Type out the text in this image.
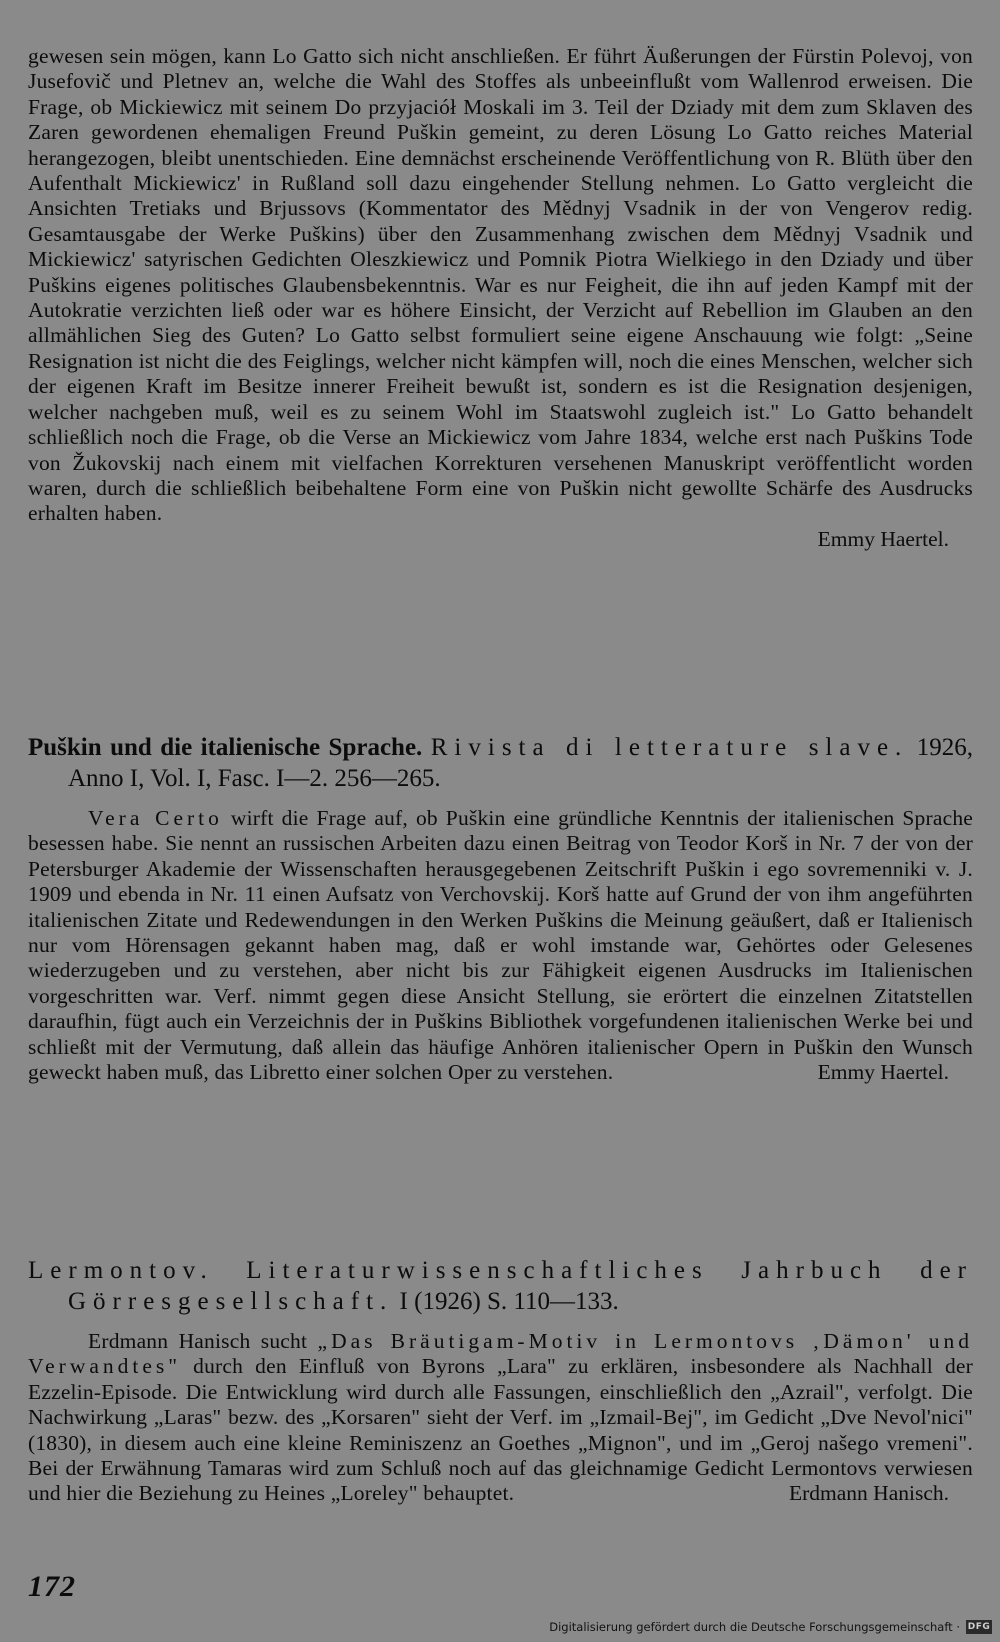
gewesen sein mögen, kann Lo Gatto sich nicht anschließen. Er führt Äußerungen der Fürstin Polevoj, von Jusefovič und Pletnev an, welche die Wahl des Stoffes als unbeeinflußt vom Wallenrod erweisen. Die Frage, ob Mickiewicz mit seinem Do przyjaciół Moskali im 3. Teil der Dziady mit dem zum Sklaven des Zaren gewordenen ehemaligen Freund Puškin gemeint, zu deren Lösung Lo Gatto reiches Material herangezogen, bleibt unentschieden. Eine demnächst erscheinende Veröffentlichung von R. Blüth über den Aufenthalt Mickiewicz' in Rußland soll dazu eingehender Stellung nehmen. Lo Gatto vergleicht die Ansichten Tretiaks und Brjussovs (Kommentator des Mědnyj Vsadnik in der von Vengerov redig. Gesamtausgabe der Werke Puškins) über den Zusammenhang zwischen dem Mědnyj Vsadnik und Mickiewicz' satyrischen Gedichten Oleszkiewicz und Pomnik Piotra Wielkiego in den Dziady und über Puškins eigenes politisches Glaubensbekenntnis. War es nur Feigheit, die ihn auf jeden Kampf mit der Autokratie verzichten ließ oder war es höhere Einsicht, der Verzicht auf Rebellion im Glauben an den allmählichen Sieg des Guten? Lo Gatto selbst formuliert seine eigene Anschauung wie folgt: „Seine Resignation ist nicht die des Feiglings, welcher nicht kämpfen will, noch die eines Menschen, welcher sich der eigenen Kraft im Besitze innerer Freiheit bewußt ist, sondern es ist die Resignation desjenigen, welcher nachgeben muß, weil es zu seinem Wohl im Staatswohl zugleich ist." Lo Gatto behandelt schließlich noch die Frage, ob die Verse an Mickiewicz vom Jahre 1834, welche erst nach Puškins Tode von Žukovskij nach einem mit vielfachen Korrekturen versehenen Manuskript veröffentlicht worden waren, durch die schließlich beibehaltene Form eine von Puškin nicht gewollte Schärfe des Ausdrucks erhalten haben.

Emmy Haertel.

Puškin und die italienische Sprache. Rivista di letterature slave. 1926, Anno I, Vol. I, Fasc. I—2. 256—265.

Vera Certo wirft die Frage auf, ob Puškin eine gründliche Kenntnis der italienischen Sprache besessen habe. Sie nennt an russischen Arbeiten dazu einen Beitrag von Teodor Korš in Nr. 7 der von der Petersburger Akademie der Wissenschaften herausgegebenen Zeitschrift Puškin i ego sovremenniki v. J. 1909 und ebenda in Nr. 11 einen Aufsatz von Verchovskij. Korš hatte auf Grund der von ihm angeführten italienischen Zitate und Redewendungen in den Werken Puškins die Meinung geäußert, daß er Italienisch nur vom Hörensagen gekannt haben mag, daß er wohl imstande war, Gehörtes oder Gelesenes wiederzugeben und zu verstehen, aber nicht bis zur Fähigkeit eigenen Ausdrucks im Italienischen vorgeschritten war. Verf. nimmt gegen diese Ansicht Stellung, sie erörtert die einzelnen Zitatstellen daraufhin, fügt auch ein Verzeichnis der in Puškins Bibliothek vorgefundenen italienischen Werke bei und schließt mit der Vermutung, daß allein das häufige Anhören italienischer Opern in Puškin den Wunsch geweckt haben muß, das Libretto einer solchen Oper zu verstehen.	Emmy Haertel.

Lermontov. Literaturwissenschaftliches Jahrbuch der Görresgesellschaft. I (1926) S. 110—133.

Erdmann Hanisch sucht „Das Bräutigam-Motiv in Lermontovs ‚Dämon' und Verwandtes" durch den Einfluß von Byrons „Lara" zu erklären, insbesondere als Nachhall der Ezzelin-Episode. Die Entwicklung wird durch alle Fassungen, einschließlich den „Azrail", verfolgt. Die Nachwirkung „Laras" bezw. des „Korsaren" sieht der Verf. im „Izmail-Bej", im Gedicht „Dve Nevol'nici" (1830), in diesem auch eine kleine Reminiszenz an Goethes „Mignon", und im „Geroj našego vremeni". Bei der Erwähnung Tamaras wird zum Schluß noch auf das gleichnamige Gedicht Lermontovs verwiesen und hier die Beziehung zu Heines „Loreley" behauptet.	Erdmann Hanisch.

172
Digitalisierung gefördert durch die Deutsche Forschungsgemeinschaft · DFG
